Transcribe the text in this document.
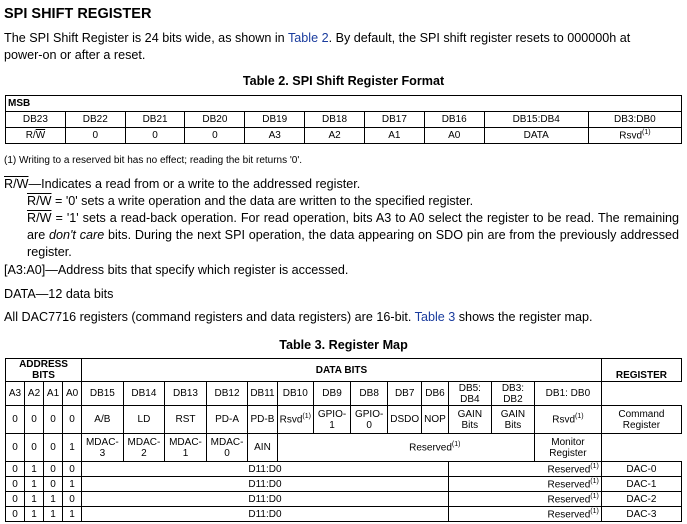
SPI SHIFT REGISTER
The SPI Shift Register is 24 bits wide, as shown in Table 2. By default, the SPI shift register resets to 000000h at
power-on or after a reset.
Table 2. SPI Shift Register Format
MSB									
DB23	DB22	DB21	DB20	DB19	DB18	DB17	DB16	DB15:DB4	DB3:DB0
$R/\overline{W}$	0	0	0	A3	A2	A1	A0	DATA	Rsvd$^{(1)}$
(1) Writing to a reserved bit has no effect; reading the bit returns '0'.
R/W—Indicates a read from or a write to the addressed register.
R/W = '0' sets a write operation and the data are written to the specified register.
R/W = '1' sets a read-back operation. For read operation, bits A3 to A0 select the register to be read. The remaining are don't care bits. During the next SPI operation, the data appearing on SDO pin are from the previously addressed register.
[A3:A0]—Address bits that specify which register is accessed.
DATA—12 data bits
All DAC7716 registers (command registers and data registers) are 16-bit. Table 3 shows the register map.
Table 3. Register Map
ADDRESS BITS				DATA BITS													REGISTER
A3	A2	A1	A0	DB15	DB14	DB13	DB12	DB11	DB10	DB9	DB8	DB7	DB6	DB5: DB4	DB3: DB2	DB1: DB0	
0	0	0	0	A/B	LD	RST	PD-A	PD-B	Rsvd$^{(1)}$	GPIO-1	GPIO-0	DSDO	NOP	GAIN Bits	GAIN Bits	Rsvd$^{(1)}$	Command Register
0	0	0	1	MDAC-3	MDAC-2	MDAC-1	MDAC-0	AIN	Reserved$^{(1)}$							Monitor Register	
0	1	0	0	D11:D0										Reserved$^{(1)}$			DAC-0
0	1	0	1	D11:D0										Reserved$^{(1)}$			DAC-1
0	1	1	0	D11:D0										Reserved$^{(1)}$			DAC-2
0	1	1	1	D11:D0										Reserved$^{(1)}$			DAC-3
